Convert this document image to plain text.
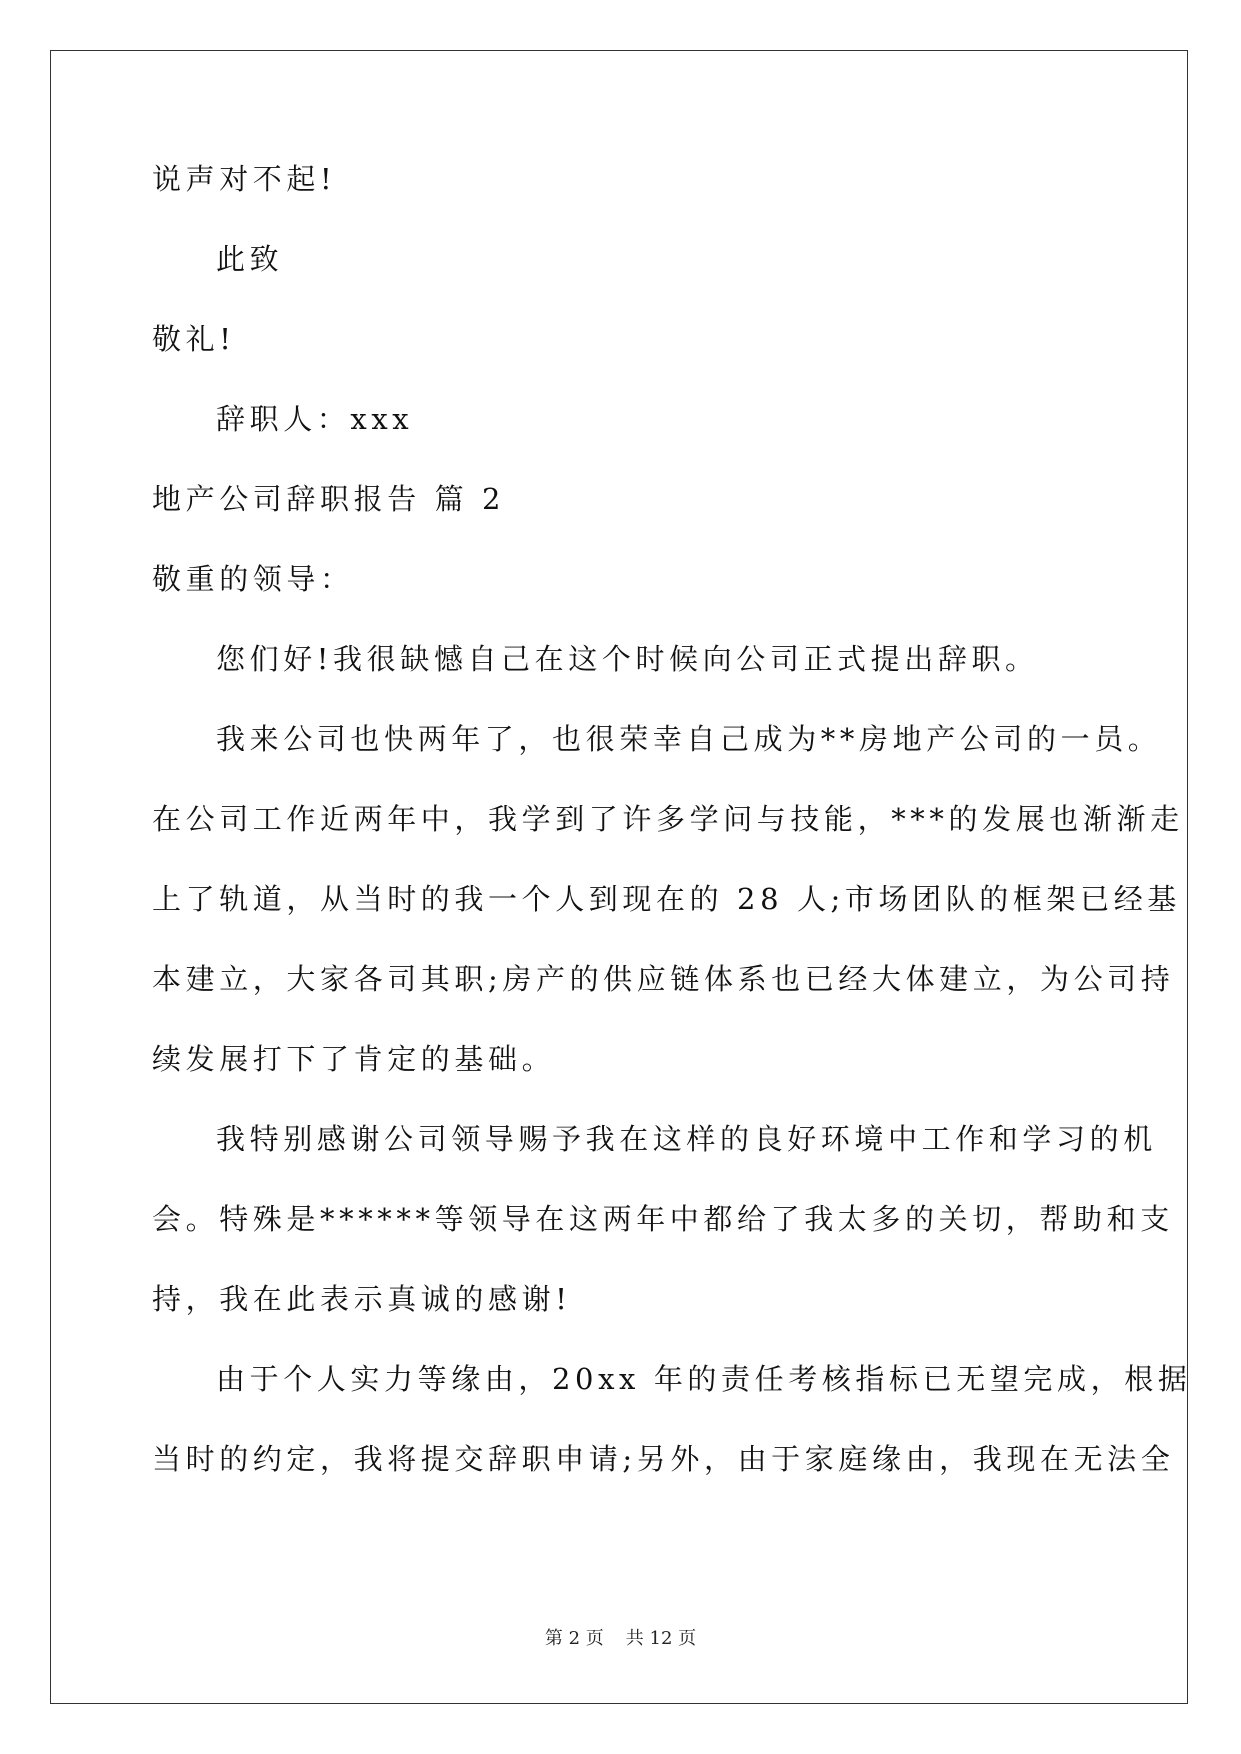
说声对不起!

此致

敬礼!

辞职人：xxx

地产公司辞职报告 篇 2

敬重的领导：

您们好!我很缺憾自己在这个时候向公司正式提出辞职。

我来公司也快两年了，也很荣幸自己成为**房地产公司的一员。

在公司工作近两年中，我学到了许多学问与技能，***的发展也渐渐走

上了轨道，从当时的我一个人到现在的 28 人;市场团队的框架已经基

本建立，大家各司其职;房产的供应链体系也已经大体建立，为公司持

续发展打下了肯定的基础。

我特别感谢公司领导赐予我在这样的良好环境中工作和学习的机

会。特殊是******等领导在这两年中都给了我太多的关切，帮助和支

持，我在此表示真诚的感谢!

由于个人实力等缘由，20xx 年的责任考核指标已无望完成，根据

当时的约定，我将提交辞职申请;另外，由于家庭缘由，我现在无法全

第 2 页 共 12 页
